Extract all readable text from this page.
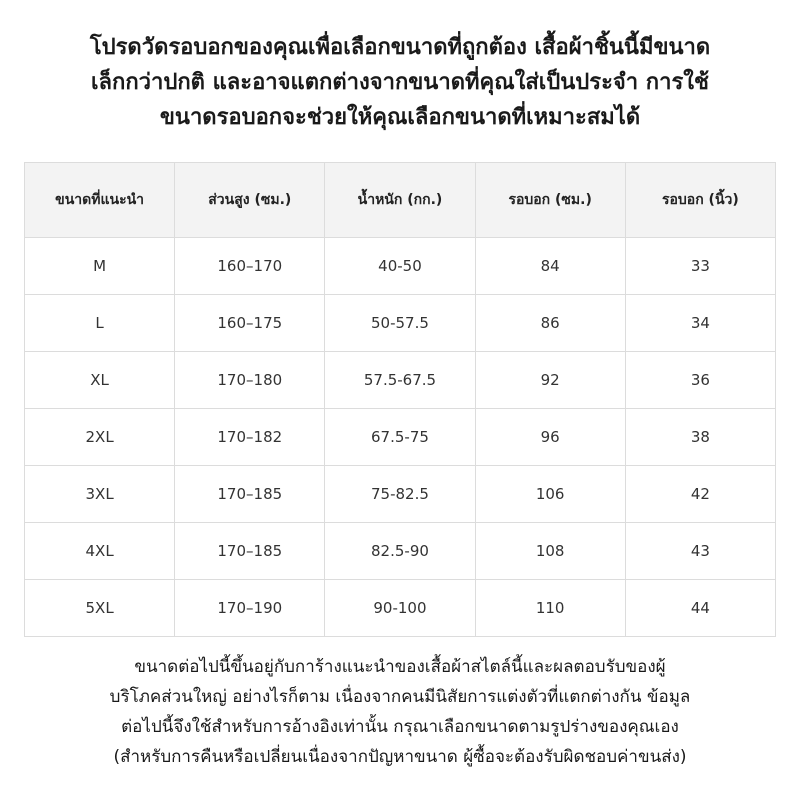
โปรดวัดรอบอกของคุณเพื่อเลือกขนาดที่ถูกต้อง เสื้อผ้าชิ้นนี้มีขนาด
เล็กกว่าปกติ และอาจแตกต่างจากขนาดที่คุณใส่เป็นประจำ การใช้
ขนาดรอบอกจะช่วยให้คุณเลือกขนาดที่เหมาะสมได้
ขนาดที่แนะนำ	ส่วนสูง (ซม.)	น้ำหนัก (กก.)	รอบอก (ซม.)	รอบอก (นิ้ว)
M	160–170	40-50	84	33
L	160–175	50-57.5	86	34
XL	170–180	57.5-67.5	92	36
2XL	170–182	67.5-75	96	38
3XL	170–185	75-82.5	106	42
4XL	170–185	82.5-90	108	43
5XL	170–190	90-100	110	44
ขนาดต่อไปนี้ขึ้นอยู่กับการ้างแนะนำของเสื้อผ้าสไตล์นี้และผลตอบรับของผู้
บริโภคส่วนใหญ่ อย่างไรก็ตาม เนื่องจากคนมีนิสัยการแต่งตัวที่แตกต่างกัน ข้อมูล
ต่อไปนี้จึงใช้สำหรับการอ้างอิงเท่านั้น กรุณาเลือกขนาดตามรูปร่างของคุณเอง
(สำหรับการคืนหรือเปลี่ยนเนื่องจากปัญหาขนาด ผู้ซื้อจะต้องรับผิดชอบค่าขนส่ง)
